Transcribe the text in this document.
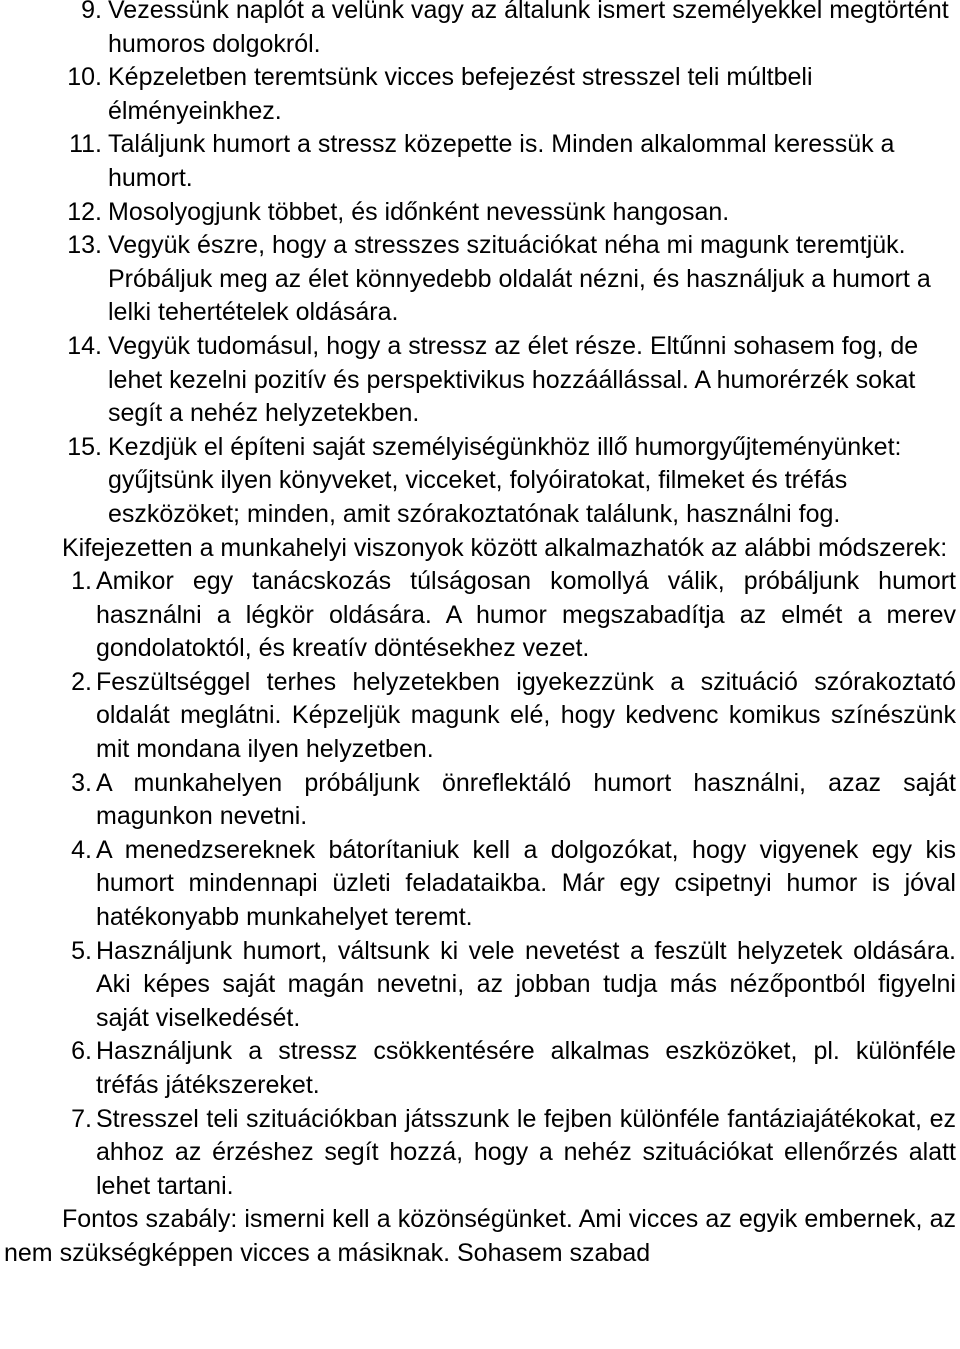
9. Vezessünk naplót a velünk vagy az általunk ismert személyekkel megtörtént humoros dolgokról.
10. Képzeletben teremtsünk vicces befejezést stresszel teli múltbeli élményeinkhez.
11. Találjunk humort a stressz közepette is. Minden alkalommal keressük a humort.
12. Mosolyogjunk többet, és időnként nevessünk hangosan.
13. Vegyük észre, hogy a stresszes szituációkat néha mi magunk teremtjük. Próbáljuk meg az élet könnyedebb oldalát nézni, és használjuk a humort a lelki tehertételek oldására.
14. Vegyük tudomásul, hogy a stressz az élet része. Eltűnni sohasem fog, de lehet kezelni pozitív és perspektivikus hozzáállással. A humorérzék sokat segít a nehéz helyzetekben.
15. Kezdjük el építeni saját személyiségünkhöz illő humorgyűjteményünket: gyűjtsünk ilyen könyveket, vicceket, folyóiratokat, filmeket és tréfás eszközöket; minden, amit szórakoztatónak találunk, használni fog.

Kifejezetten a munkahelyi viszonyok között alkalmazhatók az alábbi módszerek:

1. Amikor egy tanácskozás túlságosan komollyá válik, próbáljunk humort használni a légkör oldására. A humor megszabadítja az elmét a merev gondolatoktól, és kreatív döntésekhez vezet.
2. Feszültséggel terhes helyzetekben igyekezzünk a szituáció szórakoztató oldalát meglátni. Képzeljük magunk elé, hogy kedvenc komikus színészünk mit mondana ilyen helyzetben.
3. A munkahelyen próbáljunk önreflektáló humort használni, azaz saját magunkon nevetni.
4. A menedzsereknek bátorítaniuk kell a dolgozókat, hogy vigyenek egy kis humort mindennapi üzleti feladataikba. Már egy csipetnyi humor is jóval hatékonyabb munkahelyet teremt.
5. Használjunk humort, váltsunk ki vele nevetést a feszült helyzetek oldására. Aki képes saját magán nevetni, az jobban tudja más nézőpontból figyelni saját viselkedését.
6. Használjunk a stressz csökkentésére alkalmas eszközöket, pl. különféle tréfás játékszereket.
7. Stresszel teli szituációkban játsszunk le fejben különféle fantáziajátékokat, ez ahhoz az érzéshez segít hozzá, hogy a nehéz szituációkat ellenőrzés alatt lehet tartani.

Fontos szabály: ismerni kell a közönségünket. Ami vicces az egyik embernek, az nem szükségképpen vicces a másiknak. Sohasem szabad
